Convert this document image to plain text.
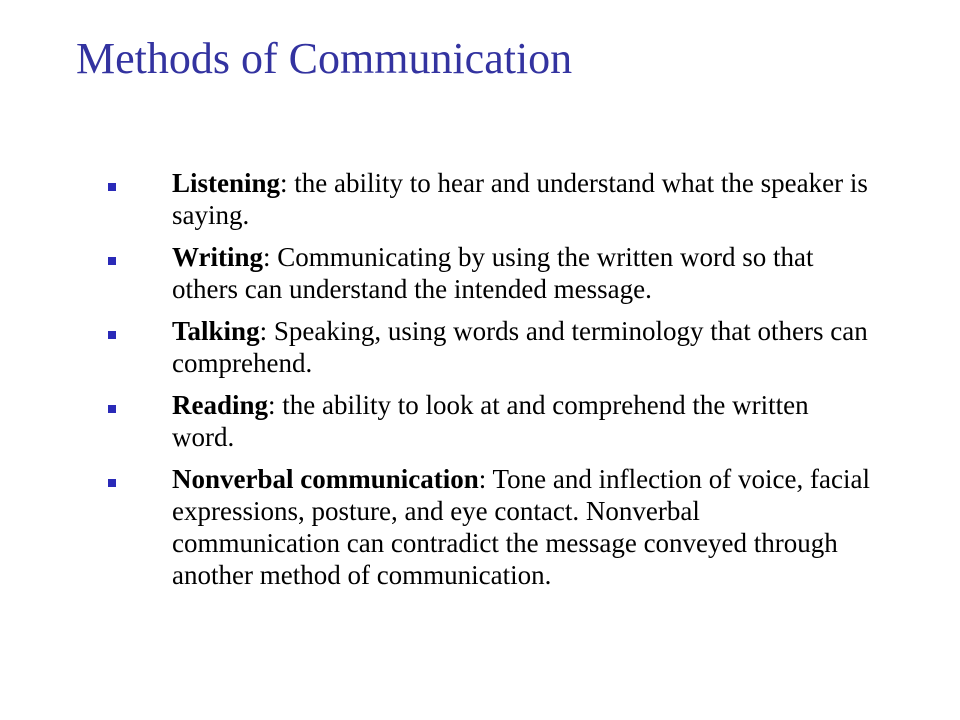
Methods of Communication
Listening: the ability to hear and understand what the speaker is saying.
Writing: Communicating by using the written word so that others can understand the intended message.
Talking: Speaking, using words and terminology that others can comprehend.
Reading: the ability to look at and comprehend the written word.
Nonverbal communication: Tone and inflection of voice, facial expressions, posture, and eye contact. Nonverbal communication can contradict the message conveyed through another method of communication.
